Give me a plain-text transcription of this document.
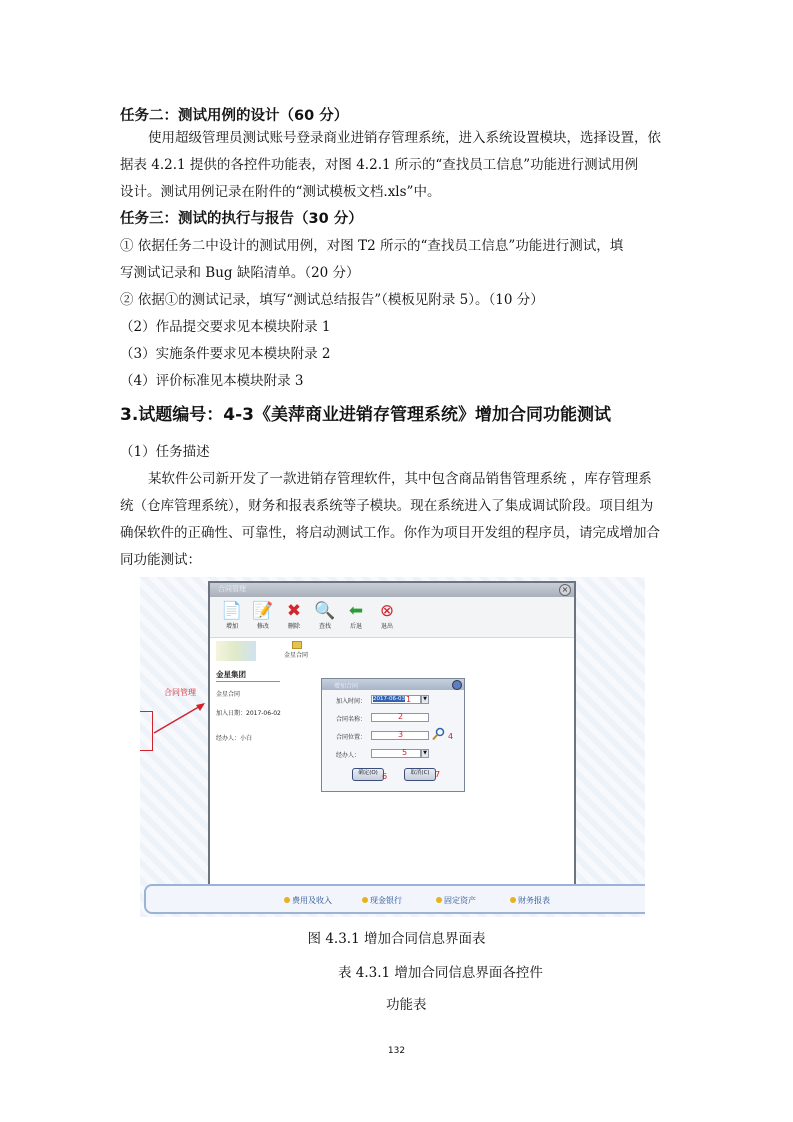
任务二：测试用例的设计（60 分）
使用超级管理员测试账号登录商业进销存管理系统，进入系统设置模块，选择设置，依
据表 4.2.1 提供的各控件功能表，对图 4.2.1 所示的“查找员工信息”功能进行测试用例
设计。测试用例记录在附件的“测试模板文档.xls”中。
任务三：测试的执行与报告（30 分）
① 依据任务二中设计的测试用例，对图 T2 所示的“查找员工信息”功能进行测试，填
写测试记录和 Bug 缺陷清单。（20 分）
② 依据①的测试记录，填写“测试总结报告”（模板见附录 5）。（10 分）
（2）作品提交要求见本模块附录 1
（3）实施条件要求见本模块附录 2
（4）评价标准见本模块附录 3
3.试题编号：4-3《美萍商业进销存管理系统》增加合同功能测试
（1）任务描述
某软件公司新开发了一款进销存管理软件，其中包含商品销售管理系统 ，库存管理系
统（仓库管理系统），财务和报表系统等子模块。现在系统进入了集成调试阶段。项目组为
确保软件的正确性、可靠性，将启动测试工作。你作为项目开发组的程序员，请完成增加合
同功能测试：
合同管理
合同管理	×
📄
增加
📝
修改
✖
删除
🔍
查找
⬅
后退
⊗
退出
金星合同
金星集团
金星合同
加入日期：2017-06-02
经办人：小白
增加合同
加入时间： 2017-06-03	▼
1
合同名称：	2
合同位置：	3	4
经办人：	▼
5
确定(O) 6	取消(C) 7
费用及收入	现金银行	固定资产	财务报表
图 4.3.1 增加合同信息界面表
表 4.3.1 增加合同信息界面各控件
功能表
132
